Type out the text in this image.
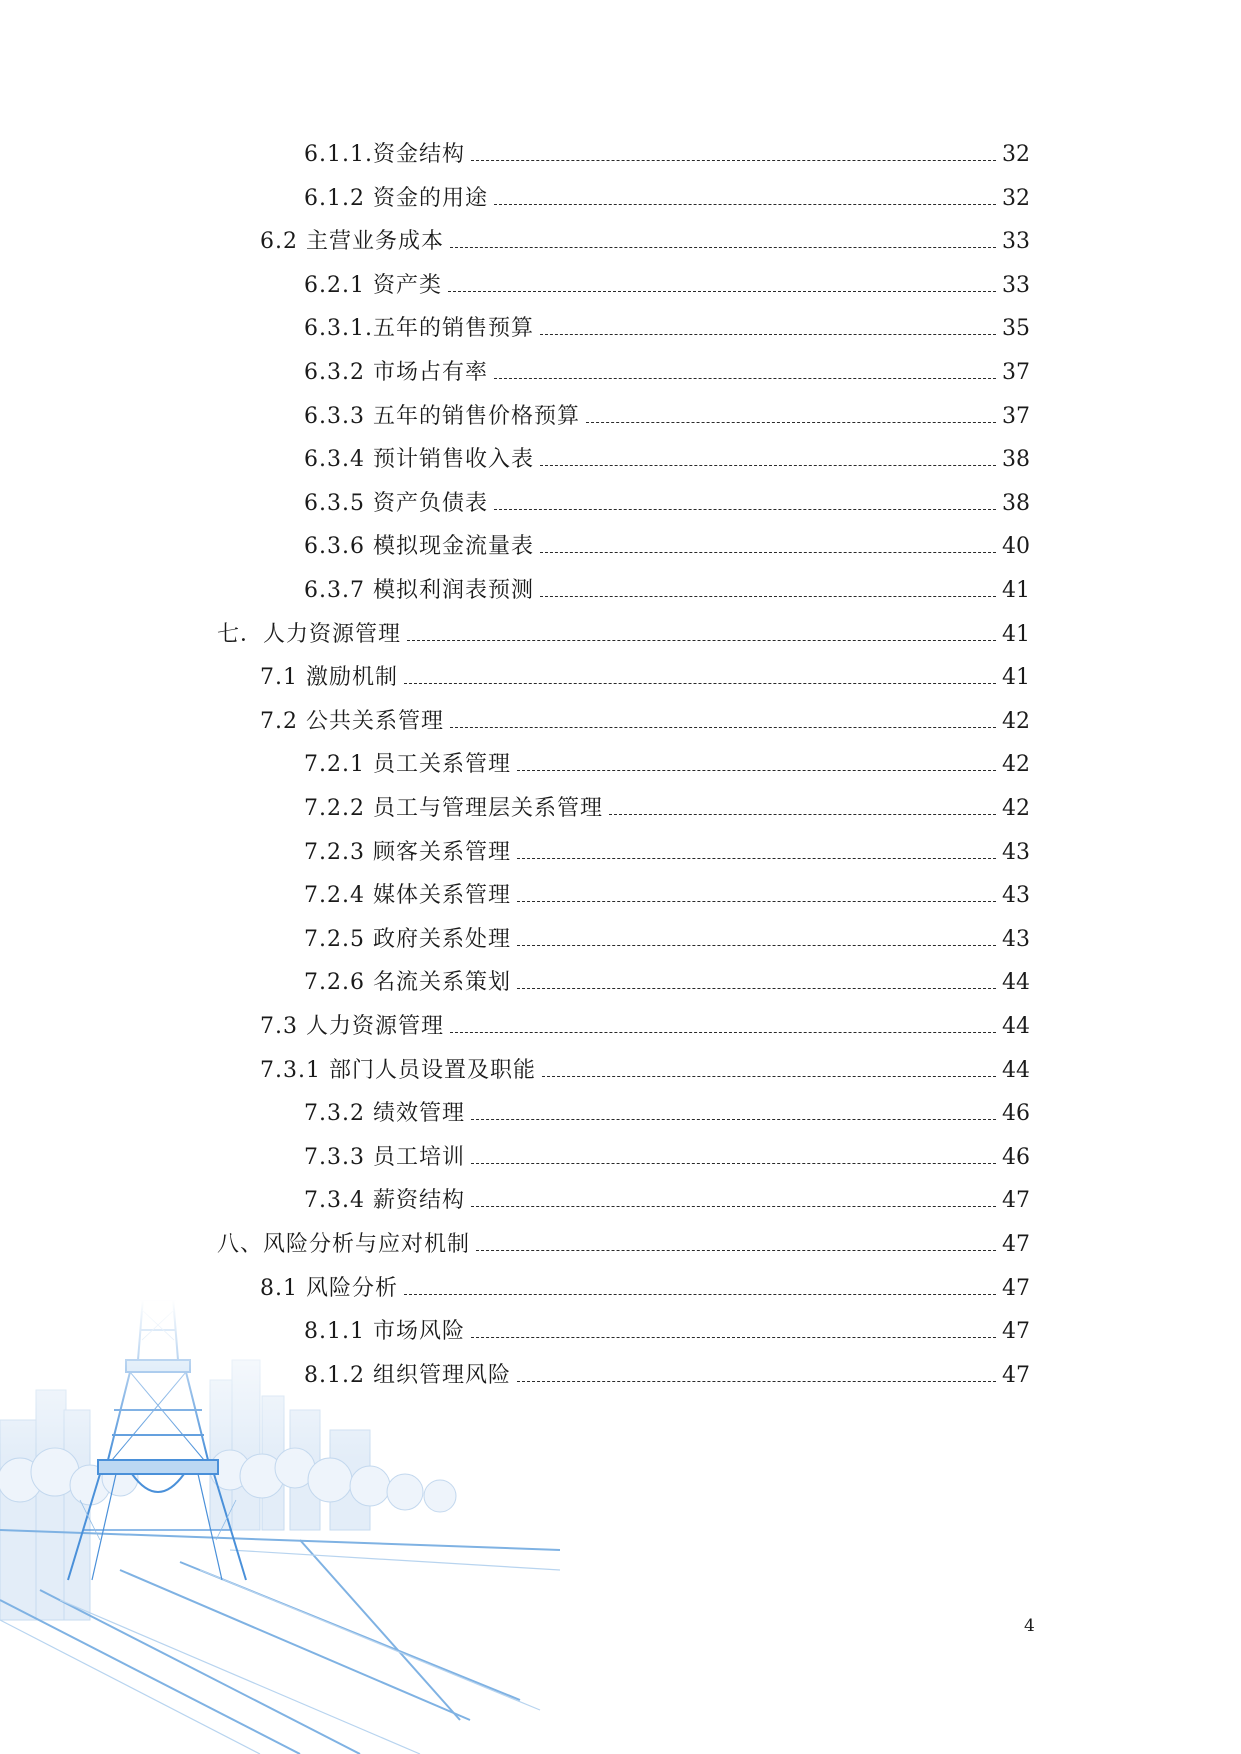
6.1.1.资金结构	32
6.1.2 资金的用途	32
6.2 主营业务成本	33
6.2.1 资产类	33
6.3.1.五年的销售预算	35
6.3.2 市场占有率	37
6.3.3 五年的销售价格预算	37
6.3.4 预计销售收入表	38
6.3.5 资产负债表	38
6.3.6 模拟现金流量表	40
6.3.7 模拟利润表预测	41
七．人力资源管理	41
7.1 激励机制	41
7.2 公共关系管理	42
7.2.1 员工关系管理	42
7.2.2 员工与管理层关系管理	42
7.2.3 顾客关系管理	43
7.2.4 媒体关系管理	43
7.2.5 政府关系处理	43
7.2.6 名流关系策划	44
7.3 人力资源管理	44
7.3.1 部门人员设置及职能	44
7.3.2 绩效管理	46
7.3.3 员工培训	46
7.3.4 薪资结构	47
八、风险分析与应对机制	47
8.1 风险分析	47
8.1.1 市场风险	47
8.1.2 组织管理风险	47
4
